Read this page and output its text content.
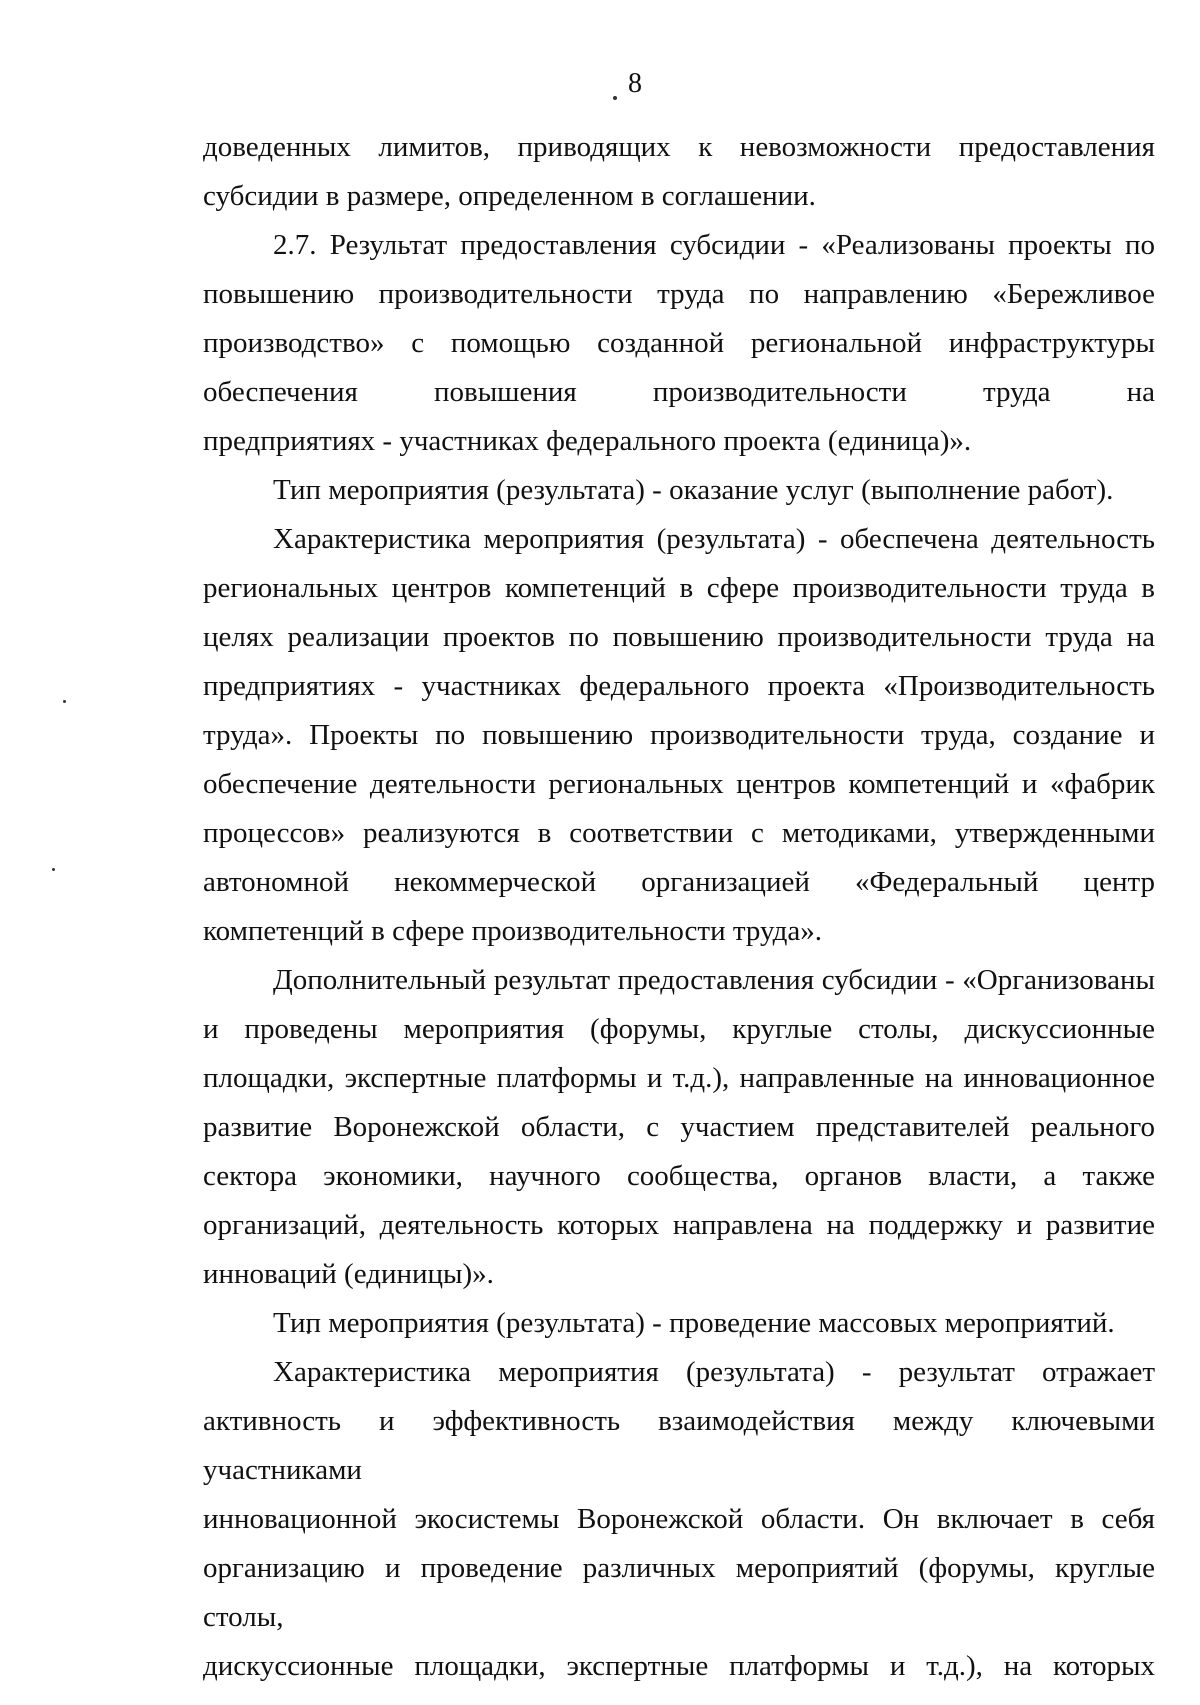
8
доведенных лимитов, приводящих к невозможности предоставления
субсидии в размере, определенном в соглашении.
2.7. Результат предоставления субсидии - «Реализованы проекты по
повышению производительности труда по направлению «Бережливое
производство» с помощью созданной региональной инфраструктуры
обеспечения повышения производительности труда на
предприятиях - участниках федерального проекта (единица)».
Тип мероприятия (результата) - оказание услуг (выполнение работ).
Характеристика мероприятия (результата) - обеспечена деятельность
региональных центров компетенций в сфере производительности труда в
целях реализации проектов по повышению производительности труда на
предприятиях - участниках федерального проекта «Производительность
труда». Проекты по повышению производительности труда, создание и
обеспечение деятельности региональных центров компетенций и «фабрик
процессов» реализуются в соответствии с методиками, утвержденными
автономной некоммерческой организацией «Федеральный центр
компетенций в сфере производительности труда».
Дополнительный результат предоставления субсидии - «Организованы
и проведены мероприятия (форумы, круглые столы, дискуссионные
площадки, экспертные платформы и т.д.), направленные на инновационное
развитие Воронежской области, с участием представителей реального
сектора экономики, научного сообщества, органов власти, а также
организаций, деятельность которых направлена на поддержку и развитие
инноваций (единицы)».
Тип мероприятия (результата) - проведение массовых мероприятий.
Характеристика мероприятия (результата) - результат отражает
активность и эффективность взаимодействия между ключевыми участниками
инновационной экосистемы Воронежской области. Он включает в себя
организацию и проведение различных мероприятий (форумы, круглые столы,
дискуссионные площадки, экспертные платформы и т.д.), на которых
